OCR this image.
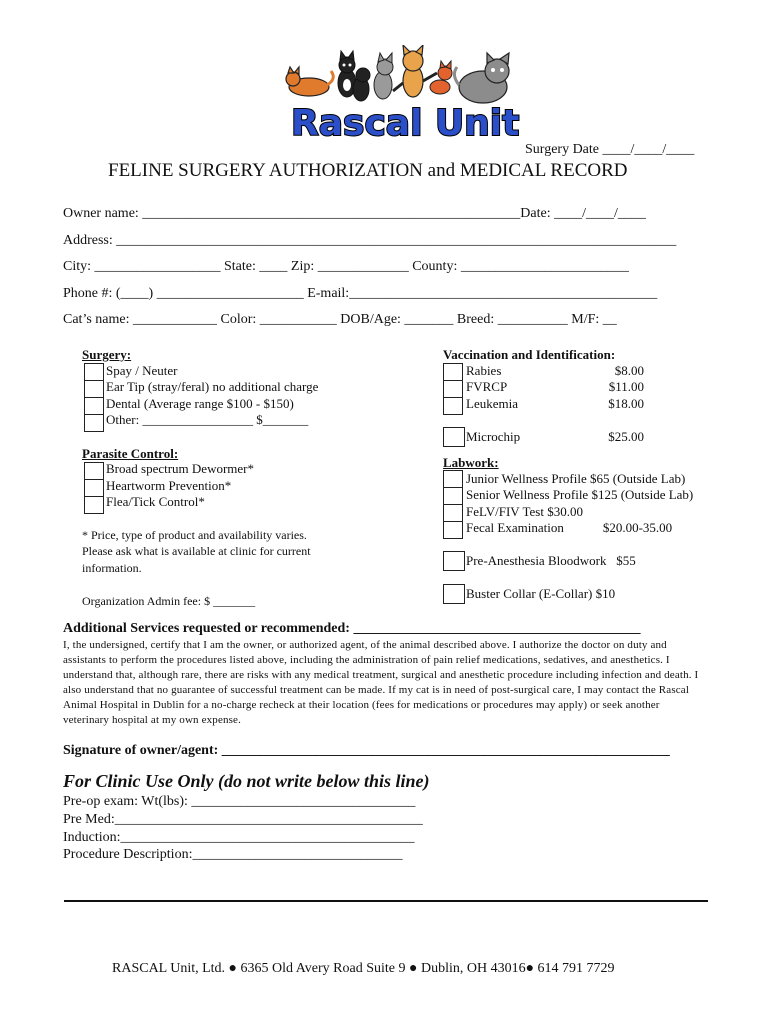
Rascal Unit
Surgery Date ____/____/____
FELINE SURGERY AUTHORIZATION and MEDICAL RECORD
Owner name: ______________________________________________________Date: ____/____/____
Address: ________________________________________________________________________________
City: __________________ State: ____ Zip: _____________ County: ________________________
Phone #: (____) _____________________ E-mail:____________________________________________
Cat’s name: ____________ Color: ___________ DOB/Age: _______ Breed: __________ M/F: __
Surgery:
Spay / Neuter
Ear Tip (stray/feral) no additional charge
Dental (Average range $100 - $150)
Other: _________________ $_______
Parasite Control:
Broad spectrum Dewormer*
Heartworm Prevention*
Flea/Tick Control*
* Price, type of product and availability varies.
Please ask what is available at clinic for current
information.
Organization Admin fee: $ _______
Vaccination and Identification:
Rabies	$8.00
FVRCP	$11.00
Leukemia	$18.00
Microchip	$25.00
Labwork:
Junior Wellness Profile $65 (Outside Lab)
Senior Wellness Profile $125 (Outside Lab)
FeLV/FIV Test $30.00
Fecal Examination            $20.00-35.00
Pre-Anesthesia Bloodwork   $55
Buster Collar (E-Collar) $10
Additional Services requested or recommended: _________________________________________
I, the undersigned, certify that I am the owner, or authorized agent, of the animal described above. I authorize the doctor on duty and assistants to perform the procedures listed above, including the administration of pain relief medications, sedatives, and anesthetics. I understand that, although rare, there are risks with any medical treatment, surgical and anesthetic procedure including infection and death. I also understand that no guarantee of successful treatment can be made. If my cat is in need of post-surgical care, I may contact the Rascal Animal Hospital in Dublin for a no-charge recheck at their location (fees for medications or procedures may apply) or seek another veterinary hospital at my own expense.
Signature of owner/agent: ________________________________________________________________
For Clinic Use Only (do not write below this line)
Pre-op exam: Wt(lbs): ________________________________
Pre Med:____________________________________________
Induction:__________________________________________
Procedure Description:______________________________
RASCAL Unit, Ltd. ● 6365 Old Avery Road Suite 9 ● Dublin, OH 43016● 614 791 7729
